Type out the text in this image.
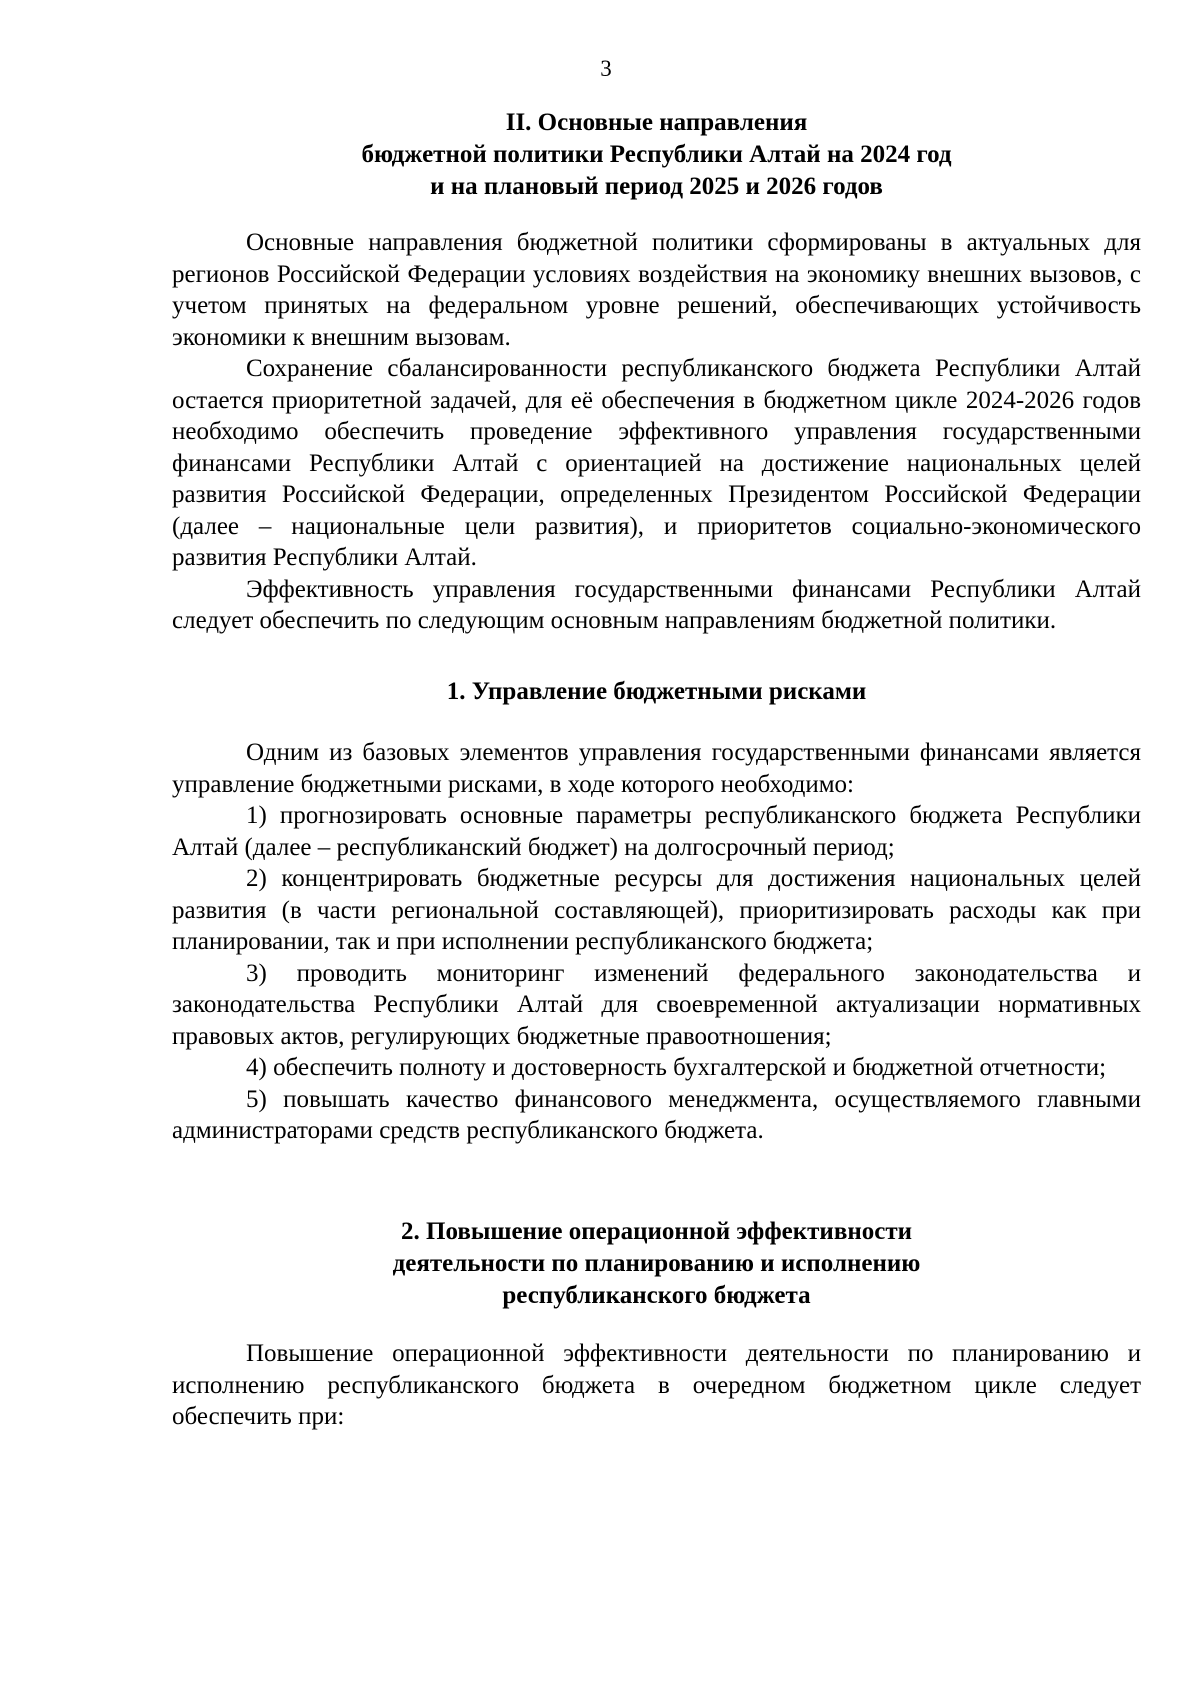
3
II. Основные направления
бюджетной политики Республики Алтай на 2024 год
и на плановый период 2025 и 2026 годов

Основные направления бюджетной политики сформированы в актуальных для регионов Российской Федерации условиях воздействия на экономику внешних вызовов, с учетом принятых на федеральном уровне решений, обеспечивающих устойчивость экономики к внешним вызовам.

Сохранение сбалансированности республиканского бюджета Республики Алтай остается приоритетной задачей, для её обеспечения в бюджетном цикле 2024-2026 годов необходимо обеспечить проведение эффективного управления государственными финансами Республики Алтай с ориентацией на достижение национальных целей развития Российской Федерации, определенных Президентом Российской Федерации (далее – национальные цели развития), и приоритетов социально-экономического развития Республики Алтай.

Эффективность управления государственными финансами Республики Алтай следует обеспечить по следующим основным направлениям бюджетной политики.

1. Управление бюджетными рисками

Одним из базовых элементов управления государственными финансами является управление бюджетными рисками, в ходе которого необходимо:

1) прогнозировать основные параметры республиканского бюджета Республики Алтай (далее – республиканский бюджет) на долгосрочный период;

2) концентрировать бюджетные ресурсы для достижения национальных целей развития (в части региональной составляющей), приоритизировать расходы как при планировании, так и при исполнении республиканского бюджета;

3) проводить мониторинг изменений федерального законодательства и законодательства Республики Алтай для своевременной актуализации нормативных правовых актов, регулирующих бюджетные правоотношения;

4) обеспечить полноту и достоверность бухгалтерской и бюджетной отчетности;

5) повышать качество финансового менеджмента, осуществляемого главными администраторами средств республиканского бюджета.

2. Повышение операционной эффективности
деятельности по планированию и исполнению
республиканского бюджета

Повышение операционной эффективности деятельности по планированию и исполнению республиканского бюджета в очередном бюджетном цикле следует обеспечить при:
